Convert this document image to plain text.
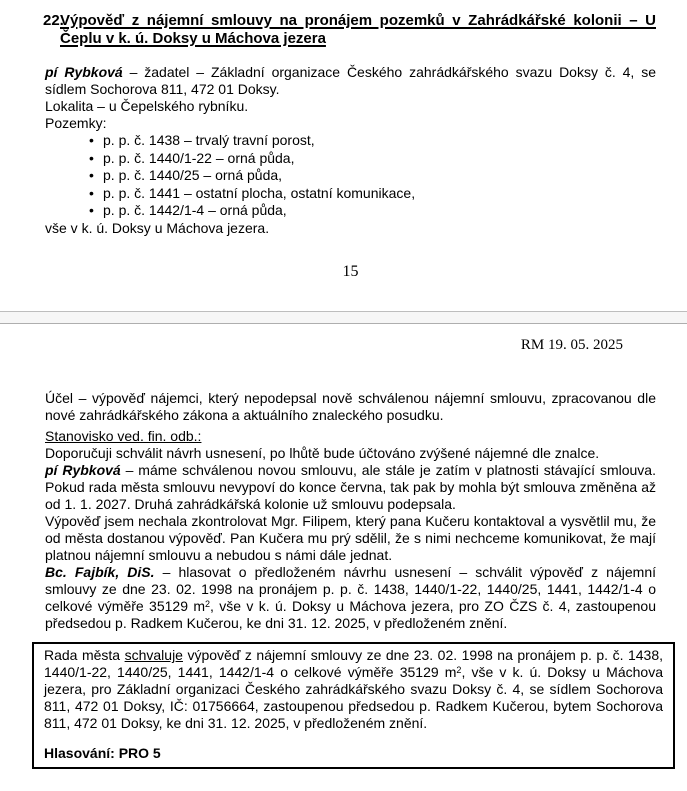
22.
Výpověď z nájemní smlouvy na pronájem pozemků v Zahrádkářské kolonii – U Čeplu v k. ú. Doksy u Máchova jezera

pí Rybková – žadatel – Základní organizace Českého zahrádkářského svazu Doksy č. 4, se sídlem Sochorova 811, 472 01 Doksy.

Lokalita – u Čepelského rybníku.
Pozemky:
• p. p. č. 1438 – trvalý travní porost,
• p. p. č. 1440/1-22 – orná půda,
• p. p. č. 1440/25 – orná půda,
• p. p. č. 1441 – ostatní plocha, ostatní komunikace,
• p. p. č. 1442/1-4 – orná půda,
vše v k. ú. Doksy u Máchova jezera.
15
RM 19. 05. 2025

Účel – výpověď nájemci, který nepodepsal nově schválenou nájemní smlouvu, zpracovanou dle nové zahrádkářského zákona a aktuálního znaleckého posudku.

Stanovisko ved. fin. odb.:
Doporučuji schválit návrh usnesení, po lhůtě bude účtováno zvýšené nájemné dle znalce.

pí Rybková – máme schválenou novou smlouvu, ale stále je zatím v platnosti stávající smlouva. Pokud rada města smlouvu nevypoví do konce června, tak pak by mohla být smlouva změněna až od 1. 1. 2027. Druhá zahrádkářská kolonie už smlouvu podepsala.

Výpověď jsem nechala zkontrolovat Mgr. Filipem, který pana Kučeru kontaktoval a vysvětlil mu, že od města dostanou výpověď. Pan Kučera mu prý sdělil, že s nimi nechceme komunikovat, že mají platnou nájemní smlouvu a nebudou s námi dále jednat.

Bc. Fajbík, DiS. – hlasovat o předloženém návrhu usnesení – schválit výpověď z nájemní smlouvy ze dne 23. 02. 1998 na pronájem p. p. č. 1438, 1440/1-22, 1440/25, 1441, 1442/1-4 o celkové výměře 35129 $m^2$, vše v k. ú. Doksy u Máchova jezera, pro ZO ČZS č. 4, zastoupenou předsedou p. Radkem Kučerou, ke dni 31. 12. 2025, v předloženém znění.

Rada města schvaluje výpověď z nájemní smlouvy ze dne 23. 02. 1998 na pronájem p. p. č. 1438, 1440/1-22, 1440/25, 1441, 1442/1-4 o celkové výměře 35129 $m^2$, vše v k. ú. Doksy u Máchova jezera, pro Základní organizaci Českého zahrádkářského svazu Doksy č. 4, se sídlem Sochorova 811, 472 01 Doksy, IČ: 01756664, zastoupenou předsedou p. Radkem Kučerou, bytem Sochorova 811, 472 01 Doksy, ke dni 31. 12. 2025, v předloženém znění.

Hlasování: PRO 5
